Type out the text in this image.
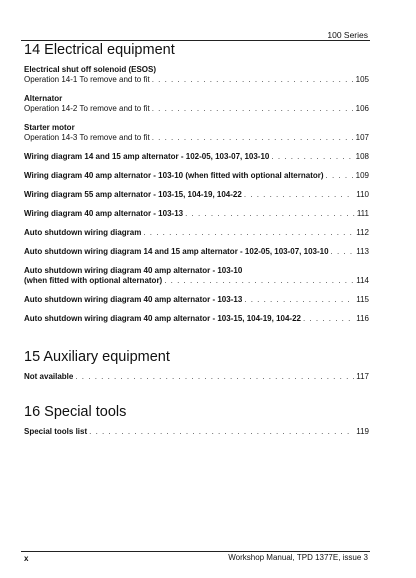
100 Series
14 Electrical equipment
Electrical shut off solenoid (ESOS)
Operation 14-1 To remove and to fit . . .	105
Alternator
Operation 14-2 To remove and to fit . . .	106
Starter motor
Operation 14-3 To remove and to fit . . .	107
Wiring diagram 14 and 15 amp alternator - 102-05, 103-07, 103-10 . . .	108
Wiring diagram 40 amp alternator - 103-10 (when fitted with optional alternator) . . .	109
Wiring diagram 55 amp alternator - 103-15, 104-19, 104-22 . . .	110
Wiring diagram 40 amp alternator - 103-13 . . .	111
Auto shutdown wiring diagram . . .	112
Auto shutdown wiring diagram 14 and 15 amp alternator - 102-05, 103-07, 103-10 . . .	113
Auto shutdown wiring diagram 40 amp alternator - 103-10
(when fitted with optional alternator) . . .	114
Auto shutdown wiring diagram 40 amp alternator - 103-13 . . .	115
Auto shutdown wiring diagram 40 amp alternator - 103-15, 104-19, 104-22 . . .	116
15 Auxiliary equipment
Not available . . .	117
16 Special tools
Special tools list . . .	119
x	Workshop Manual, TPD 1377E, issue 3
